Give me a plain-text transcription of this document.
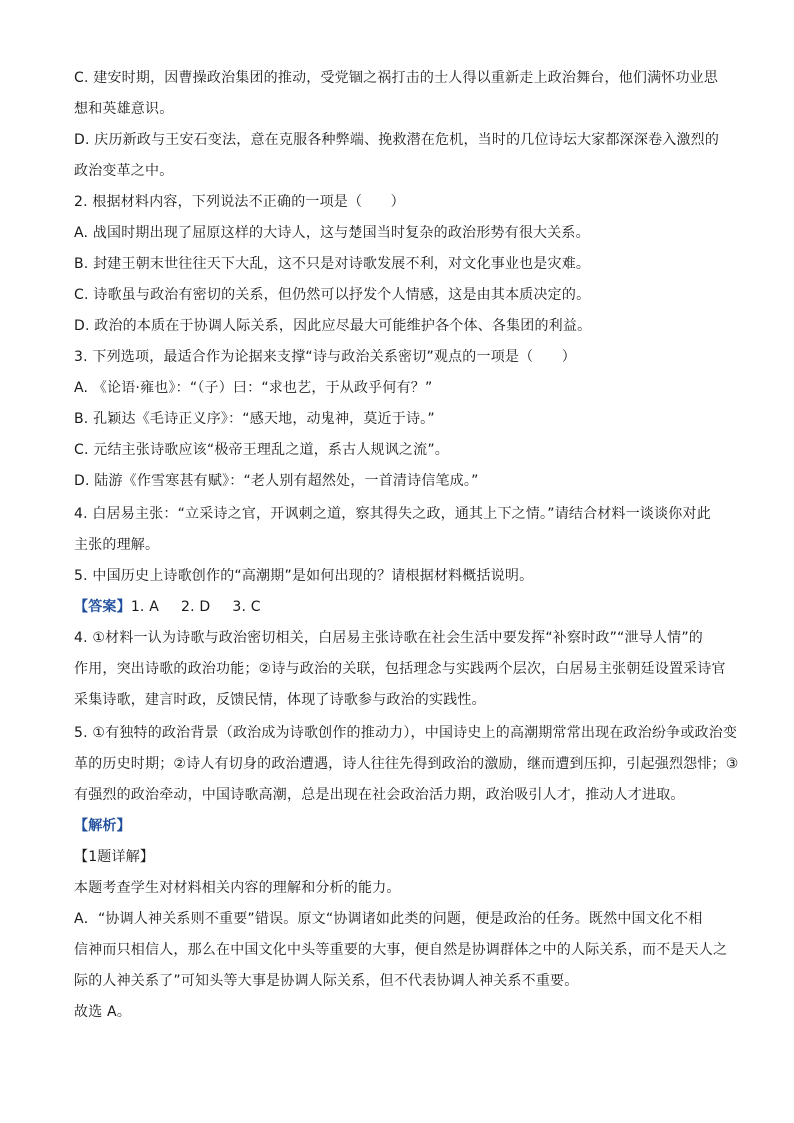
C. 建安时期，因曹操政治集团的推动，受党锢之祸打击的士人得以重新走上政治舞台，他们满怀功业思
想和英雄意识。
D. 庆历新政与王安石变法，意在克服各种弊端、挽救潜在危机，当时的几位诗坛大家都深深卷入激烈的
政治变革之中。
2. 根据材料内容，下列说法不正确的一项是（　　）
A. 战国时期出现了屈原这样的大诗人，这与楚国当时复杂的政治形势有很大关系。
B. 封建王朝末世往往天下大乱，这不只是对诗歌发展不利，对文化事业也是灾难。
C. 诗歌虽与政治有密切的关系，但仍然可以抒发个人情感，这是由其本质决定的。
D. 政治的本质在于协调人际关系，因此应尽最大可能维护各个体、各集团的利益。
3. 下列选项，最适合作为论据来支撑“诗与政治关系密切”观点的一项是（　　）
A. 《论语·雍也》：“（子）曰：“求也艺，于从政乎何有？”
B. 孔颖达《毛诗正义序》：“感天地，动鬼神，莫近于诗。”
C. 元结主张诗歌应该“极帝王理乱之道，系古人规讽之流”。
D. 陆游《作雪寒甚有赋》：“老人别有超然处，一首清诗信笔成。”
4. 白居易主张：“立采诗之官，开讽刺之道，察其得失之政，通其上下之情。”请结合材料一谈谈你对此
主张的理解。
5. 中国历史上诗歌创作的“高潮期”是如何出现的？请根据材料概括说明。
【答案】1. A 2. D 3. C
4. ①材料一认为诗歌与政治密切相关，白居易主张诗歌在社会生活中要发挥“补察时政”“泄导人情”的
作用，突出诗歌的政治功能；②诗与政治的关联，包括理念与实践两个层次，白居易主张朝廷设置采诗官
采集诗歌，建言时政，反馈民情，体现了诗歌参与政治的实践性。
5. ①有独特的政治背景（政治成为诗歌创作的推动力），中国诗史上的高潮期常常出现在政治纷争或政治变
革的历史时期；②诗人有切身的政治遭遇，诗人往往先得到政治的激励，继而遭到压抑，引起强烈怨悱；③
有强烈的政治牵动，中国诗歌高潮，总是出现在社会政治活力期，政治吸引人才，推动人才进取。
【解析】
【1题详解】
本题考查学生对材料相关内容的理解和分析的能力。
A．“协调人神关系则不重要”错误。原文“协调诸如此类的问题，便是政治的任务。既然中国文化不相
信神而只相信人，那么在中国文化中头等重要的大事，便自然是协调群体之中的人际关系，而不是天人之
际的人神关系了”可知头等大事是协调人际关系，但不代表协调人神关系不重要。
故选 A。
